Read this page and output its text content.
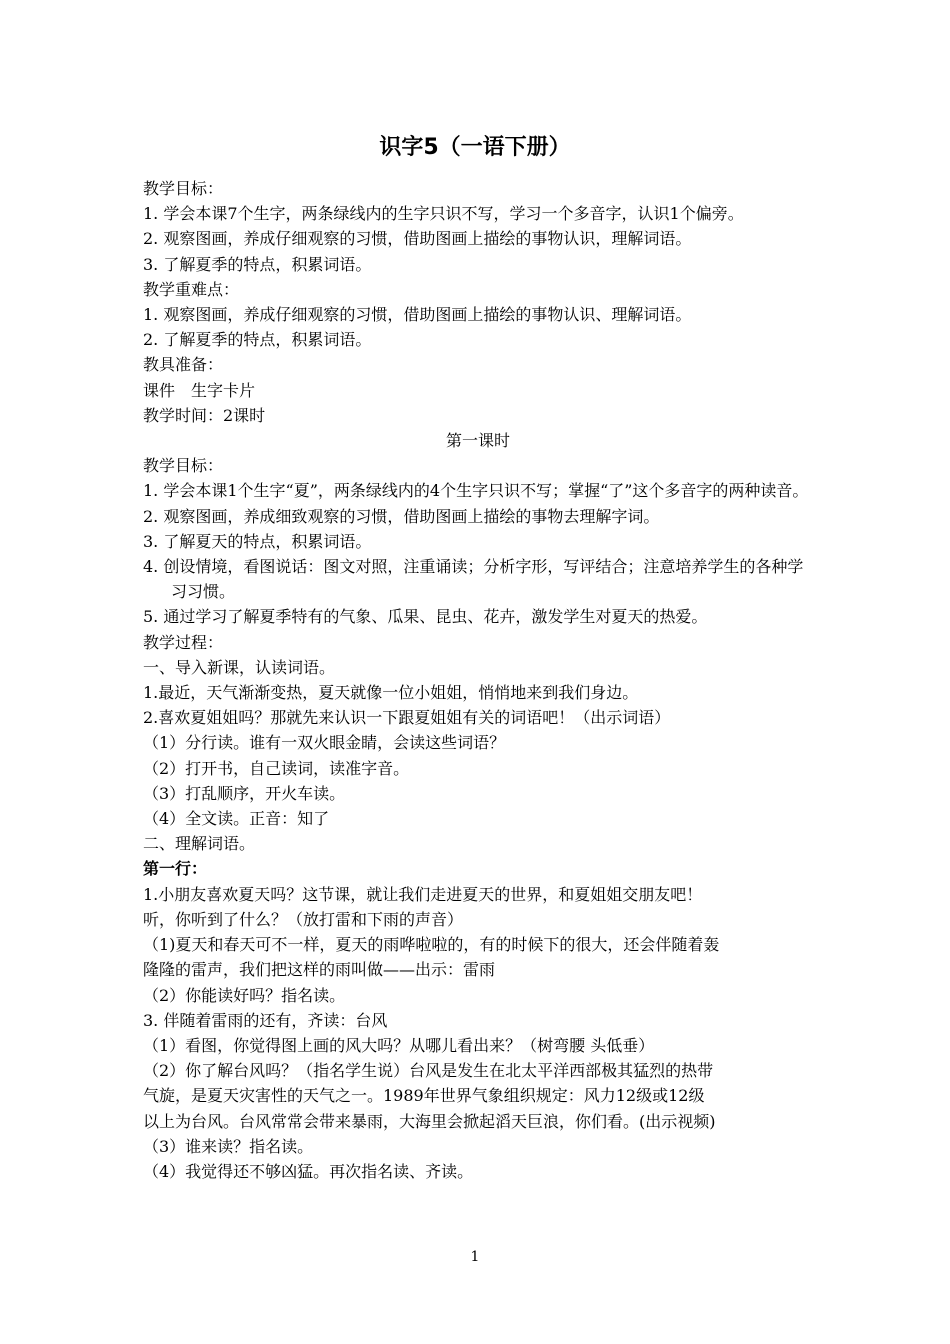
识字5（一语下册）

教学目标：

1. 学会本课7个生字，两条绿线内的生字只识不写，学习一个多音字，认识1个偏旁。

2. 观察图画，养成仔细观察的习惯，借助图画上描绘的事物认识，理解词语。

3. 了解夏季的特点，积累词语。

教学重难点：

1. 观察图画，养成仔细观察的习惯，借助图画上描绘的事物认识、理解词语。

2. 了解夏季的特点，积累词语。

教具准备：

课件　生字卡片

教学时间：2课时

第一课时

教学目标：

1. 学会本课1个生字“夏”，两条绿线内的4个生字只识不写；掌握“了”这个多音字的两种读音。

2. 观察图画，养成细致观察的习惯，借助图画上描绘的事物去理解字词。

3. 了解夏天的特点，积累词语。

4. 创设情境，看图说话：图文对照，注重诵读；分析字形，写评结合；注意培养学生的各种学习习惯。

5. 通过学习了解夏季特有的气象、瓜果、昆虫、花卉，激发学生对夏天的热爱。

教学过程：

一、导入新课，认读词语。

1.最近，天气渐渐变热，夏天就像一位小姐姐，悄悄地来到我们身边。

2.喜欢夏姐姐吗？那就先来认识一下跟夏姐姐有关的词语吧！（出示词语）

（1）分行读。谁有一双火眼金睛，会读这些词语？

（2）打开书，自己读词，读准字音。

（3）打乱顺序，开火车读。

（4）全文读。正音：知了

二、理解词语。

第一行：

1.小朋友喜欢夏天吗？这节课，就让我们走进夏天的世界，和夏姐姐交朋友吧！

听，你听到了什么？（放打雷和下雨的声音）

（1)夏天和春天可不一样，夏天的雨哗啦啦的，有的时候下的很大，还会伴随着轰

隆隆的雷声，我们把这样的雨叫做——出示：雷雨

（2）你能读好吗？指名读。

3. 伴随着雷雨的还有，齐读：台风

（1）看图，你觉得图上画的风大吗？从哪儿看出来？（树弯腰 头低垂）

（2）你了解台风吗？（指名学生说）台风是发生在北太平洋西部极其猛烈的热带

气旋，是夏天灾害性的天气之一。1989年世界气象组织规定：风力12级或12级

以上为台风。台风常常会带来暴雨，大海里会掀起滔天巨浪，你们看。(出示视频)

（3）谁来读？指名读。

（4）我觉得还不够凶猛。再次指名读、齐读。

1
